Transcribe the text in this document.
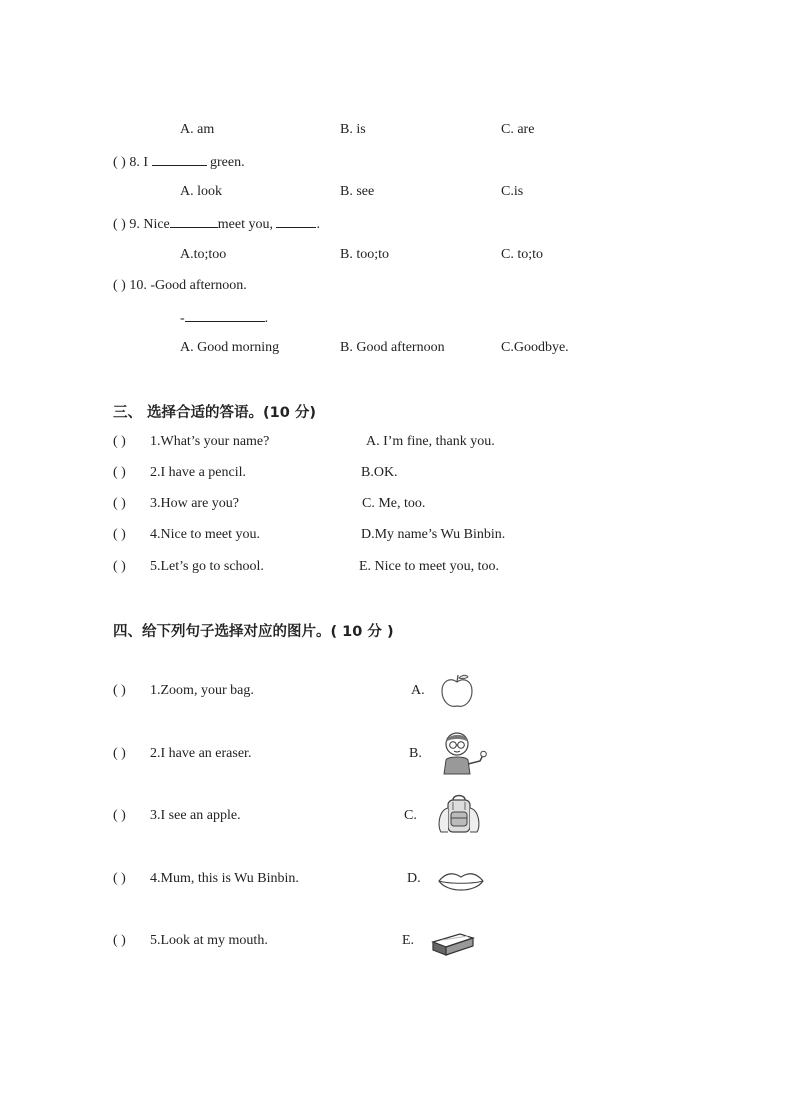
A. am	B. is	C. are
( ) 8. I	green.
A. look	B. see	C.is
( ) 9. Nice	meet you,	.
A.to;too	B. too;to	C. to;to
( ) 10. -Good afternoon.
-	.
A. Good morning	B. Good afternoon	C.Goodbye.
三、 选择合适的答语。(10 分)
( ) 1.What’s your name?	A. I’m fine, thank you.
( ) 2.I have a pencil.	B.OK.
( ) 3.How are you?	C. Me, too.
( ) 4.Nice to meet you.	D.My name’s Wu Binbin.
( ) 5.Let’s go to school.	E. Nice to meet you, too.
四、给下列句子选择对应的图片。( 10 分 )
( ) 1.Zoom, your bag.	A.
( ) 2.I have an eraser.	B.
( ) 3.I see an apple.	C.
( ) 4.Mum, this is Wu Binbin.	D.
( ) 5.Look at my mouth.	E.
